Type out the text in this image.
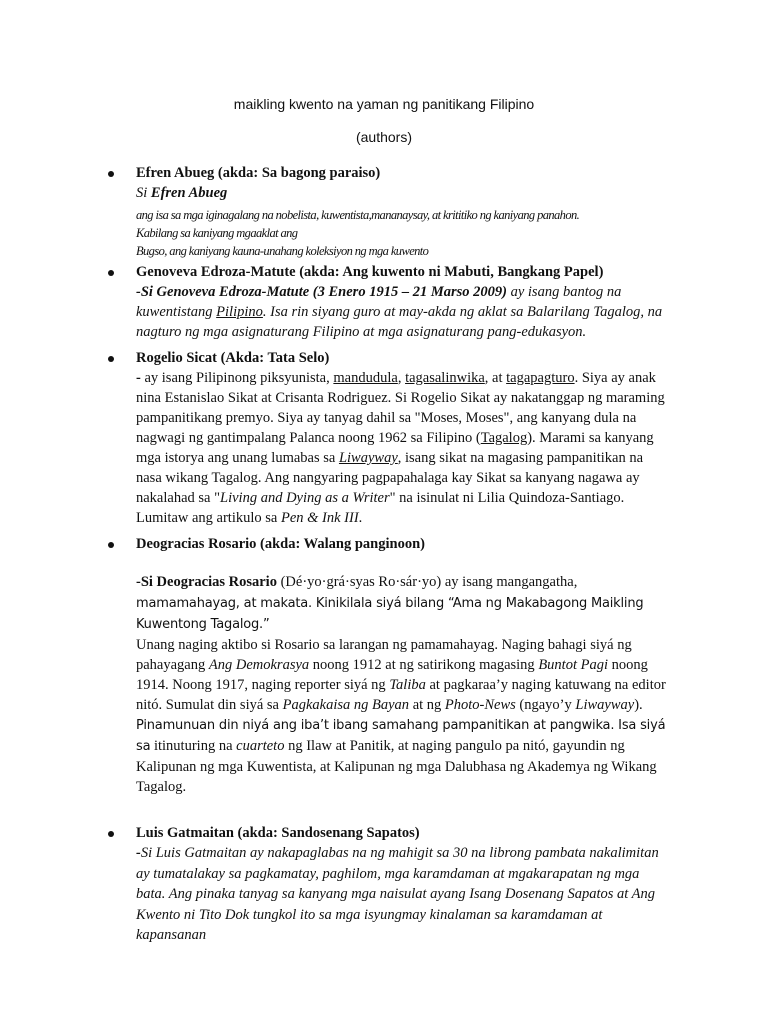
maikling kwento na yaman ng panitikang Filipino
(authors)
Efren Abueg (akda: Sa bagong paraiso)
Si Efren Abueg
ang isa sa mga iginagalang na nobelista, kuwentista,mananaysay, at krititiko ng kaniyang panahon.
Kabilang sa kaniyang mgaaklat ang
Bugso, ang kaniyang kauna-unahang koleksiyon ng mga kuwento
Genoveva Edroza-Matute (akda: Ang kuwento ni Mabuti, Bangkang Papel)
-Si Genoveva Edroza-Matute (3 Enero 1915 – 21 Marso 2009) ay isang bantog na kuwentistang Pilipino. Isa rin siyang guro at may-akda ng aklat sa Balarilang Tagalog, na nagturo ng mga asignaturang Filipino at mga asignaturang pang-edukasyon.
Rogelio Sicat (Akda: Tata Selo)
- ay isang Pilipinong piksyunista, mandudula, tagasalinwika, at tagapagturo. Siya ay anak nina Estanislao Sikat at Crisanta Rodriguez. Si Rogelio Sikat ay nakatanggap ng maraming pampanitikang premyo. Siya ay tanyag dahil sa "Moses, Moses", ang kanyang dula na nagwagi ng gantimpalang Palanca noong 1962 sa Filipino (Tagalog). Marami sa kanyang mga istorya ang unang lumabas sa Liwayway, isang sikat na magasing pampanitikan na nasa wikang Tagalog. Ang nangyaring pagpapahalaga kay Sikat sa kanyang nagawa ay nakalahad sa "Living and Dying as a Writer" na isinulat ni Lilia Quindoza-Santiago. Lumitaw ang artikulo sa Pen & Ink III.
Deogracias Rosario (akda: Walang panginoon)
-Si Deogracias Rosario (Dé·yo·grá·syas Ro·sár·yo) ay isang mangangatha, mamamahayag, at makata. Kinikilala siyá bilang “Ama ng Makabagong Maikling Kuwentong Tagalog.”
Unang naging aktibo si Rosario sa larangan ng pamamahayag. Naging bahagi siyá ng pahayagang Ang Demokrasya noong 1912 at ng satirikong magasing Buntot Pagi noong 1914. Noong 1917, naging reporter siyá ng Taliba at pagkaraa’y naging katuwang na editor nitó. Sumulat din siyá sa Pagkakaisa ng Bayan at ng Photo-News (ngayo’y Liwayway).
Pinamunuan din niyá ang iba’t ibang samahang pampanitikan at pangwika. Isa siyá sa itinuturing na cuarteto ng Ilaw at Panitik, at naging pangulo pa nitó, gayundin ng Kalipunan ng mga Kuwentista, at Kalipunan ng mga Dalubhasa ng Akademya ng Wikang Tagalog.
Luis Gatmaitan (akda: Sandosenang Sapatos)
-Si Luis Gatmaitan ay nakapaglabas na ng mahigit sa 30 na librong pambata nakalimitan ay tumatalakay sa pagkamatay, paghilom, mga karamdaman at mgakarapatan ng mga bata. Ang pinaka tanyag sa kanyang mga naisulat ayang Isang Dosenang Sapatos at Ang Kwento ni Tito Dok tungkol ito sa mga isyungmay kinalaman sa karamdaman at kapansanan
